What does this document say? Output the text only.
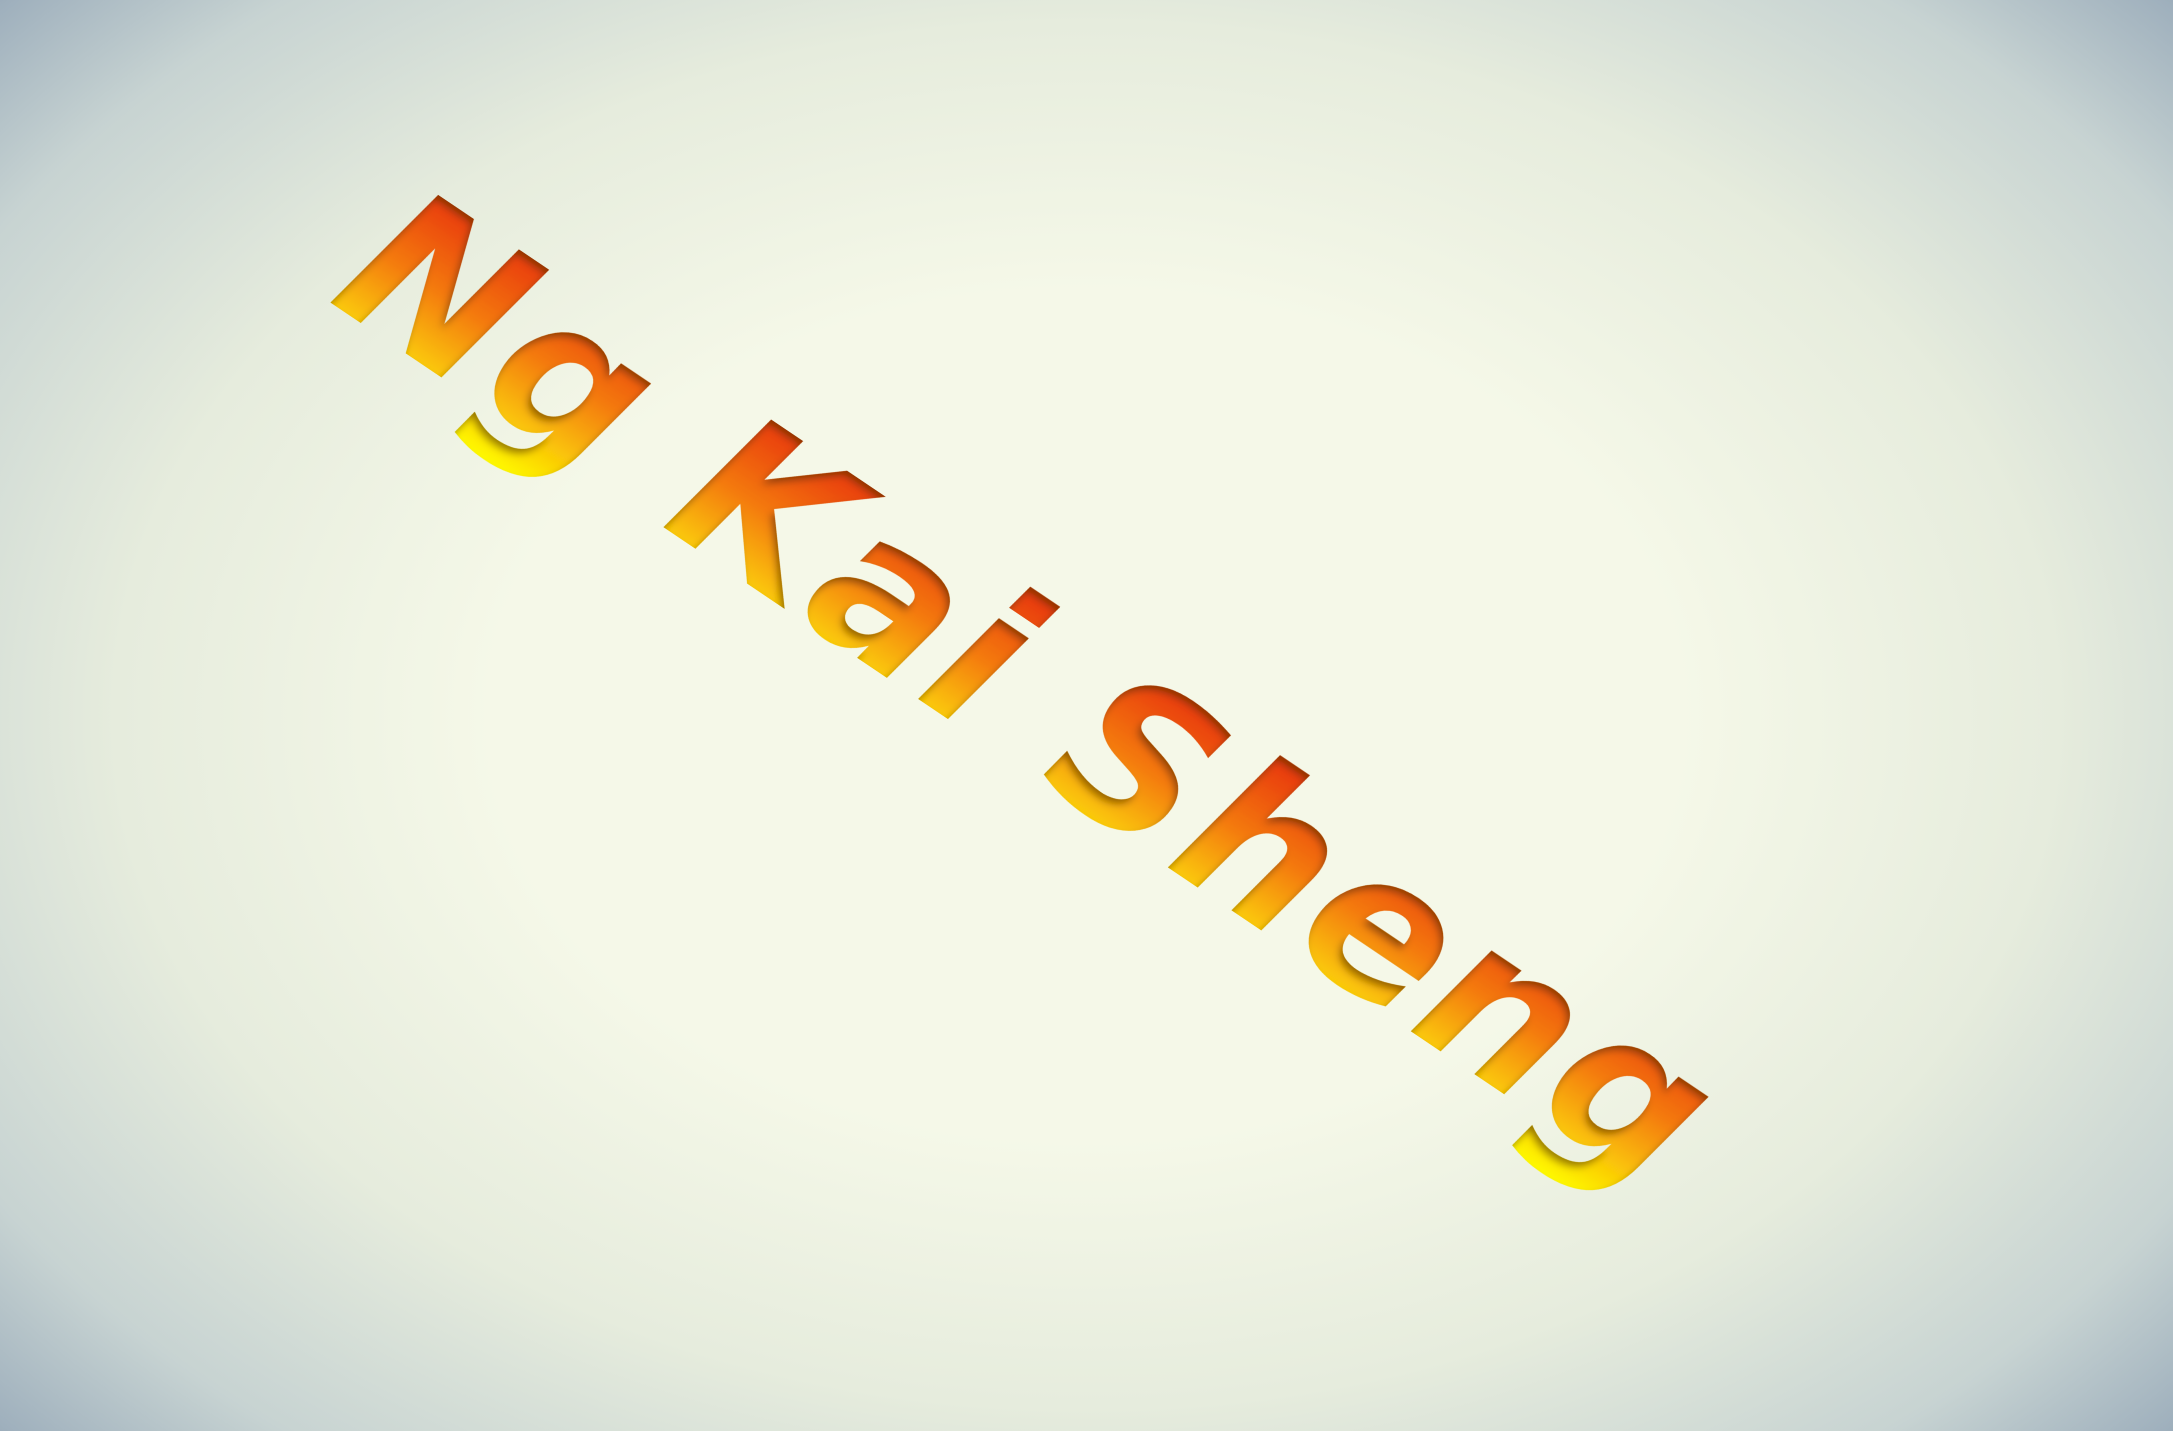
Ng Kai Sheng
